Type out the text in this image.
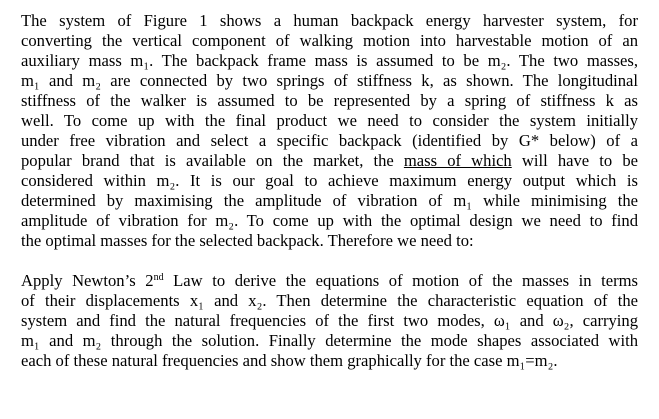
The system of Figure 1 shows a human backpack energy harvester system, for
converting the vertical component of walking motion into harvestable motion of an
auxiliary mass m₁. The backpack frame mass is assumed to be m₂. The two masses,
m₁ and m₂ are connected by two springs of stiffness k, as shown. The longitudinal
stiffness of the walker is assumed to be represented by a spring of stiffness k as
well. To come up with the final product we need to consider the system initially
under free vibration and select a specific backpack (identified by G* below) of a
popular brand that is available on the market, the mass of which will have to be
considered within m₂. It is our goal to achieve maximum energy output which is
determined by maximising the amplitude of vibration of m₁ while minimising the
amplitude of vibration for m₂. To come up with the optimal design we need to find
the optimal masses for the selected backpack. Therefore we need to:
Apply Newton’s 2nd Law to derive the equations of motion of the masses in terms
of their displacements x₁ and x₂. Then determine the characteristic equation of the
system and find the natural frequencies of the first two modes, ω₁ and ω₂, carrying
m₁ and m₂ through the solution. Finally determine the mode shapes associated with
each of these natural frequencies and show them graphically for the case m₁=m₂.
